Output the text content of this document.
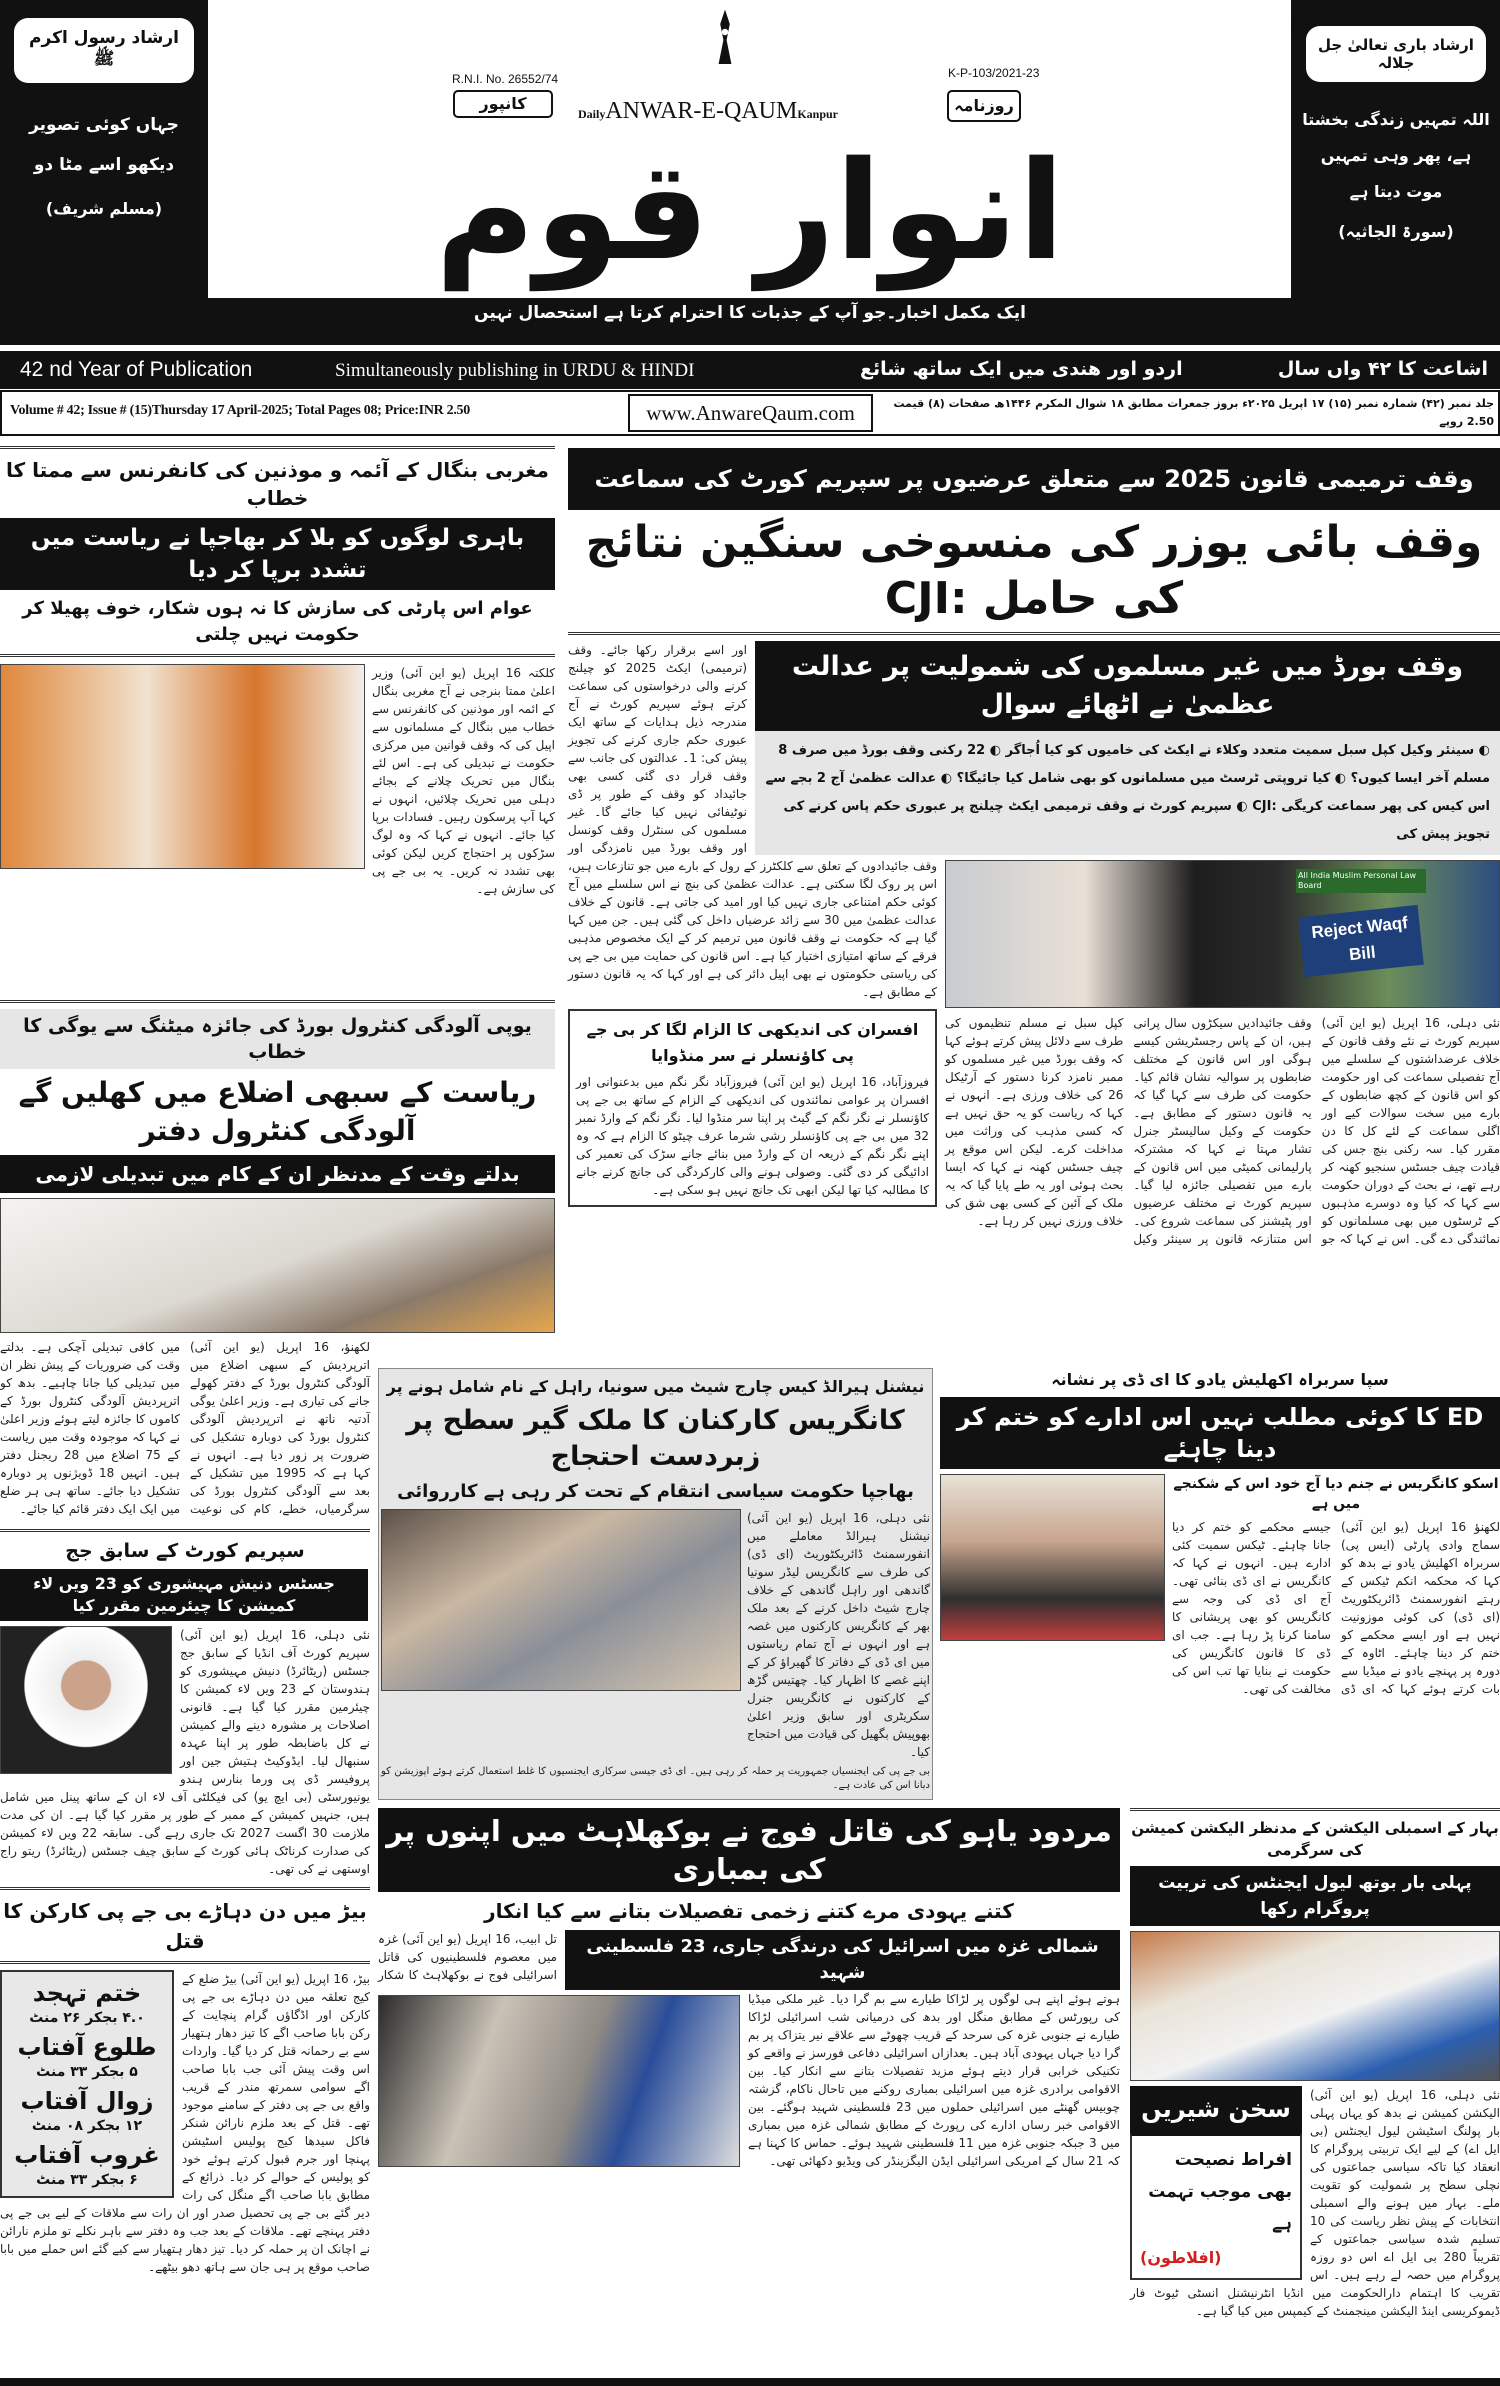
ارشاد رسول اکرم ﷺ
جہاں کوئی تصویر دیکھو اسے مٹا دو
(مسلم شریف)
ارشاد باری تعالیٰ جل جلالہ
اللہ تمہیں زندگی بخشتا ہے، پھر وہی تمہیں موت دیتا ہے
(سورۃ الجاثیہ)
R.N.I. No. 26552/74	K-P-103/2021-23
کانپور	روزنامہ
DailyANWAR-E-QAUMKanpur
انوار قوم
ایک مکمل اخبار۔جو آپ کے جذبات کا احترام کرتا ہے استحصال نہیں
42 nd Year of Publication	Simultaneously publishing in URDU & HINDI	اردو اور ھندی میں ایک ساتھ شائع	اشاعت کا ۴۲ واں سال
Volume # 42; Issue # (15)Thursday 17 April-2025; Total Pages 08; Price:INR 2.50	www.AnwareQaum.com	جلد نمبر (۴۲) شمارہ نمبر (۱۵) ۱۷ اپریل ۲۰۲۵ء بروز جمعرات مطابق ۱۸ شوال المکرم ۱۴۴۶ھ صفحات (۸) قیمت 2.50 روپے
مغربی بنگال کے آئمہ و موذنین کی کانفرنس سے ممتا کا خطاب
باہری لوگوں کو بلا کر بھاجپا نے ریاست میں تشدد برپا کر دیا
عوام اس پارٹی کی سازش کا نہ ہوں شکار، خوف پھیلا کر حکومت نہیں چلتی
کلکتہ 16 اپریل (یو این آئی) وزیر اعلیٰ ممتا بنرجی نے آج مغربی بنگال کے ائمہ اور موذنین کی کانفرنس سے خطاب میں بنگال کے مسلمانوں سے اپیل کی کہ وقف قوانین میں مرکزی حکومت نے تبدیلی کی ہے۔ اس لئے بنگال میں تحریک چلانے کے بجائے دہلی میں تحریک چلائیں، انہوں نے کہا آپ پرسکون رہیں۔ فسادات برپا کیا جائے۔ انہوں نے کہا کہ وہ لوگ سڑکوں پر احتجاج کریں لیکن کوئی بھی تشدد نہ کریں۔ یہ بی جے پی کی سازش ہے۔
یوپی آلودگی کنٹرول بورڈ کی جائزہ میٹنگ سے یوگی کا خطاب
ریاست کے سبھی اضلاع میں کھلیں گے آلودگی کنٹرول دفتر
بدلتے وقت کے مدنظر ان کے کام میں تبدیلی لازمی
لکھنؤ، 16 اپریل (یو این آئی) اترپردیش کے سبھی اضلاع میں آلودگی کنٹرول بورڈ کے دفتر کھولے جانے کی تیاری ہے۔ وزیر اعلیٰ یوگی آدتیہ ناتھ نے اترپردیش آلودگی کنٹرول بورڈ کی دوبارہ تشکیل کی ضرورت پر زور دیا ہے۔ انہوں نے کہا ہے کہ 1995 میں تشکیل کے بعد سے آلودگی کنٹرول بورڈ کی سرگرمیاں، خطے، کام کی نوعیت میں کافی تبدیلی آچکی ہے۔ بدلتے وقت کی ضروریات کے پیش نظر ان میں تبدیلی کیا جانا چاہیے۔ بدھ کو اترپردیش آلودگی کنٹرول بورڈ کے کاموں کا جائزہ لیتے ہوئے وزیر اعلیٰ نے کہا کہ موجودہ وقت میں ریاست کے 75 اضلاع میں 28 ریجنل دفتر ہیں۔ انہیں 18 ڈویژنوں پر دوبارہ تشکیل دیا جائے۔ ساتھ ہی ہر ضلع میں ایک ایک دفتر قائم کیا جائے۔
سپریم کورٹ کے سابق جج
جسٹس دنیش مہیشوری کو 23 ویں لاء کمیشن کا چیئرمین مقرر کیا
نئی دہلی، 16 اپریل (یو این آئی) سپریم کورٹ آف انڈیا کے سابق جج جسٹس (ریٹائرڈ) دنیش مہیشوری کو ہندوستان کے 23 ویں لاء کمیشن کا چیئرمین مقرر کیا گیا ہے۔ قانونی اصلاحات پر مشورہ دینے والے کمیشن نے کل باضابطہ طور پر اپنا عہدہ سنبھال لیا۔ ایڈوکیٹ ہتیش جین اور پروفیسر ڈی پی ورما بنارس ہندو یونیورسٹی (بی ایچ یو) کی فیکلٹی آف لاء ان کے ساتھ پینل میں شامل ہیں، جنہیں کمیشن کے ممبر کے طور پر مقرر کیا گیا ہے۔ ان کی مدت ملازمت 30 اگست 2027 تک جاری رہے گی۔ سابقہ 22 ویں لاء کمیشن کی صدارت کرناٹک ہائی کورٹ کے سابق چیف جسٹس (ریٹائرڈ) ریتو راج اوستھی نے کی تھی۔
بیڑ میں دن دہاڑے بی جے پی کارکن کا قتل
ختم تہجد
۴.۰ بجکر ۲۶ منٹ
طلوع آفتاب
۵ بجکر ۳۳ منٹ
زوال آفتاب
۱۲ بجکر ۰۸ منٹ
غروب آفتاب
۶ بجکر ۳۳ منٹ
بیڑ، 16 اپریل (یو این آئی) بیڑ ضلع کے کیج تعلقہ میں دن دہاڑے بی جے پی کارکن اور اڈگاؤں گرام پنچایت کے رکن بابا صاحب اگے کا تیز دھار ہتھیار سے بے رحمانہ قتل کر دیا گیا۔ واردات اس وقت پیش آئی جب بابا صاحب اگے سوامی سمرتھ مندر کے قریب واقع بی جے پی دفتر کے سامنے موجود تھے۔ قتل کے بعد ملزم نارائن شنکر فاکل سیدھا کیج پولیس اسٹیشن پہنچا اور جرم قبول کرتے ہوئے خود کو پولیس کے حوالے کر دیا۔ ذرائع کے مطابق بابا صاحب اگے منگل کی رات دیر گئے بی جے پی تحصیل صدر اور ان رات سے ملاقات کے لیے بی جے پی دفتر پہنچے تھے۔ ملاقات کے بعد جب وہ دفتر سے باہر نکلے تو ملزم نارائن نے اچانک ان پر حملہ کر دیا۔ تیز دھار ہتھیار سے کیے گئے اس حملے میں بابا صاحب موقع پر ہی جان سے ہاتھ دھو بیٹھے۔
وقف ترمیمی قانون 2025 سے متعلق عرضیوں پر سپریم کورٹ کی سماعت
وقف بائی یوزر کی منسوخی سنگین نتائج کی حامل :CJI
وقف بورڈ میں غیر مسلموں کی شمولیت پر عدالت عظمیٰ نے اٹھائے سوال
◐ سینئر وکیل کپل سبل سمیت متعدد وکلاء نے ایکٹ کی خامیوں کو کیا اُجاگر ◐ 22 رکنی وقف بورڈ میں صرف 8 مسلم آخر ایسا کیوں؟ ◐ کیا تروپتی ٹرسٹ میں مسلمانوں کو بھی شامل کیا جائیگا؟ ◐ عدالت عظمیٰ آج 2 بجے سے اس کیس کی پھر سماعت کریگی :CJI ◐ سپریم کورٹ نے وقف ترمیمی ایکٹ چیلنج پر عبوری حکم پاس کرنے کی تجویز پیش کی
All India Muslim Personal Law Board
Reject Waqf Bill
نئی دہلی، 16 اپریل (یو این آئی) سپریم کورٹ نے نئے وقف قانون کے خلاف عرضداشتوں کے سلسلے میں آج تفصیلی سماعت کی اور حکومت کو اس قانون کے کچھ ضابطوں کے بارے میں سخت سوالات کیے اور اگلی سماعت کے لئے کل کا دن مقرر کیا۔ سہ رکنی بنچ جس کی قیادت چیف جسٹس سنجیو کھنہ کر رہے تھے، نے بحث کے دوران حکومت سے کہا کہ کیا وہ دوسرے مذہبوں کے ٹرسٹوں میں بھی مسلمانوں کو نمائندگی دے گی۔ اس نے کہا کہ جو وقف جائیدادیں سیکڑوں سال پرانی ہیں، ان کے پاس رجسٹریشن کیسے ہوگی اور اس قانون کے مختلف ضابطوں پر سوالیہ نشان قائم کیا۔ حکومت کی طرف سے کہا گیا کہ یہ قانون دستور کے مطابق ہے۔ حکومت کے وکیل سالیسٹر جنرل تشار مہتا نے کہا کہ مشترکہ پارلیمانی کمیٹی میں اس قانون کے بارے میں تفصیلی جائزہ لیا گیا۔ سپریم کورٹ نے مختلف عرضیوں اور پٹیشنز کی سماعت شروع کی۔ اس متنازعہ قانون پر سینئر وکیل کپل سبل نے مسلم تنظیموں کی طرف سے دلائل پیش کرتے ہوئے کہا کہ وقف بورڈ میں غیر مسلموں کو ممبر نامزد کرنا دستور کے آرٹیکل 26 کی خلاف ورزی ہے۔ انہوں نے کہا کہ ریاست کو یہ حق نہیں ہے کہ کسی مذہب کی وراثت میں مداخلت کرے۔ لیکن اس موقع پر چیف جسٹس کھنہ نے کہا کہ ایسا بحث ہوئی اور یہ طے پایا گیا کہ یہ ملک کے آئین کے کسی بھی شق کی خلاف ورزی نہیں کر رہا ہے۔
اور اسے برقرار رکھا جائے۔ وقف (ترمیمی) ایکٹ 2025 کو چیلنج کرنے والی درخواستوں کی سماعت کرتے ہوئے سپریم کورٹ نے آج مندرجہ ذیل ہدایات کے ساتھ ایک عبوری حکم جاری کرنے کی تجویز پیش کی: 1۔ عدالتوں کی جانب سے وقف قرار دی گئی کسی بھی جائیداد کو وقف کے طور پر ڈی نوٹیفائی نہیں کیا جائے گا۔ غیر مسلموں کی سنٹرل وقف کونسل اور وقف بورڈ میں نامزدگی اور وقف جائیدادوں کے تعلق سے کلکٹرز کے رول کے بارے میں جو تنازعات ہیں، اس پر روک لگا سکتی ہے۔ عدالت عظمیٰ کی بنچ نے اس سلسلے میں آج کوئی حکم امتناعی جاری نہیں کیا اور امید کی جاتی ہے۔ قانون کے خلاف عدالت عظمیٰ میں 30 سے زائد عرضیاں داخل کی گئی ہیں۔ جن میں کہا گیا ہے کہ حکومت نے وقف قانون میں ترمیم کر کے ایک مخصوص مذہبی فرقے کے ساتھ امتیازی اختیار کیا ہے۔ اس قانون کی حمایت میں بی جے پی کی ریاستی حکومتوں نے بھی اپیل دائر کی ہے اور کہا کہ یہ قانون دستور کے مطابق ہے۔
افسران کی اندیکھی کا الزام لگا کر بی جے پی کاؤنسلر نے سر منڈوایا
فیروزآباد، 16 اپریل (یو این آئی) فیروزآباد نگر نگم میں بدعنوانی اور افسران پر عوامی نمائندوں کی اندیکھی کے الزام کے ساتھ بی جے پی کاؤنسلر نے نگر نگم کے گیٹ پر اپنا سر منڈوا لیا۔ نگر نگم کے وارڈ نمبر 32 میں بی جے پی کاؤنسلر رشی شرما عرف چیٹو کا الزام ہے کہ وہ اپنے نگر نگم کے ذریعہ ان کے وارڈ میں بنائے جانے سڑک کی تعمیر کی ادائیگی کر دی گئی۔ وصولی ہونے والی کارکردگی کی جانچ کرنے جانے کا مطالبہ کیا تھا لیکن ابھی تک جانچ نہیں ہو سکی ہے۔
نیشنل ہیرالڈ کیس چارج شیٹ میں سونیا، راہل کے نام شامل ہونے پر
کانگریس کارکنان کا ملک گیر سطح پر زبردست احتجاج
بھاجپا حکومت سیاسی انتقام کے تحت کر رہی ہے کارروائی
نئی دہلی، 16 اپریل (یو این آئی) نیشنل ہیرالڈ معاملے میں انفورسمنٹ ڈائریکٹوریٹ (ای ڈی) کی طرف سے کانگریس لیڈر سونیا گاندھی اور راہل گاندھی کے خلاف چارج شیٹ داخل کرنے کے بعد ملک بھر کے کانگریس کارکنوں میں غصہ ہے اور انہوں نے آج تمام ریاستوں میں ای ڈی کے دفاتر کا گھیراؤ کر کے اپنے غصے کا اظہار کیا۔ چھتیس گڑھ کے کارکنوں نے کانگریس جنرل سکریٹری اور سابق وزیر اعلیٰ بھوپیش بگھیل کی قیادت میں احتجاج کیا۔
بی جے پی کی ایجنسیاں جمہوریت پر حملہ کر رہی ہیں۔ ای ڈی جیسی سرکاری ایجنسیوں کا غلط استعمال کرتے ہوئے اپوزیشن کو دبانا اس کی عادت ہے۔
سپا سربراہ اکھلیش یادو کا ای ڈی پر نشانہ
ED کا کوئی مطلب نہیں اس ادارے کو ختم کر دینا چاہئے
اسکو کانگریس نے جنم دیا آج خود اس کے شکنجے میں ہے
لکھنؤ 16 اپریل (یو این آئی) سماج وادی پارٹی (ایس پی) سربراہ اکھلیش یادو نے بدھ کو کہا کہ محکمہ انکم ٹیکس کے رہتے انفورسمنٹ ڈائریکٹوریٹ (ای ڈی) کی کوئی موزونیت نہیں ہے اور ایسے محکمے کو ختم کر دینا چاہئے۔ اٹاوہ کے دورہ پر پہنچے یادو نے میڈیا سے بات کرتے ہوئے کہا کہ ای ڈی جیسے محکمے کو ختم کر دیا جانا چاہئے۔ ٹیکس سمیت کئی ادارے ہیں۔ انہوں نے کہا کہ کانگریس نے ای ڈی بنائی تھی۔ آج ای ڈی کی وجہ سے کانگریس کو بھی پریشانی کا سامنا کرنا پڑ رہا ہے۔ جب ای ڈی کا قانون کانگریس کی حکومت نے بنایا تھا تب اس کی مخالفت کی تھی۔
مردود یاہو کی قاتل فوج نے بوکھلاہٹ میں اپنوں پر کی بمباری
کتنے یہودی مرے کتنے زخمی تفصیلات بتانے سے کیا انکار
شمالی غزہ میں اسرائیل کی درندگی جاری، 23 فلسطینی شہید
تل ابیب، 16 اپریل (یو این آئی) غزہ میں معصوم فلسطینیوں کی قاتل اسرائیلی فوج نے بوکھلاہٹ کا شکار ہوتے ہوئے اپنے ہی لوگوں پر لڑاکا طیارے سے بم گرا دیا۔ غیر ملکی میڈیا کی رپورٹس کے مطابق منگل اور بدھ کی درمیانی شب اسرائیلی لڑاکا طیارے نے جنوبی غزہ کی سرحد کے قریب چھوٹے سے علاقے نیر یتزاک پر بم گرا دیا جہاں یہودی آباد ہیں۔ بعدازاں اسرائیلی دفاعی فورسز نے واقعے کو تکنیکی خرابی قرار دیتے ہوئے مزید تفصیلات بتانے سے انکار کیا۔ بین الاقوامی برادری غزہ میں اسرائیلی بمباری روکنے میں تاحال ناکام، گزشتہ چوبیس گھنٹے میں اسرائیلی حملوں میں 23 فلسطینی شہید ہوگئے۔ بین الاقوامی خبر رساں ادارے کی رپورٹ کے مطابق شمالی غزہ میں بمباری میں 3 جبکہ جنوبی غزہ میں 11 فلسطینی شہید ہوئے۔ حماس کا کہنا ہے کہ 21 سال کے امریکی اسرائیلی ایڈن الیگزینڈر کی ویڈیو دکھائی تھی۔
بہار کے اسمبلی الیکشن کے مدنظر الیکشن کمیشن کی سرگرمی
پہلی بار بوتھ لیول ایجنٹس کی تربیت پروگرام رکھا
سخن شیریں
افراط نصیحت بھی موجب تہمت ہے
(افلاطون)
نئی دہلی، 16 اپریل (یو این آئی) الیکشن کمیشن نے بدھ کو یہاں پہلی بار پولنگ اسٹیشن لیول ایجنٹس (بی ایل اے) کے لیے ایک تربیتی پروگرام کا انعقاد کیا تاکہ سیاسی جماعتوں کی نچلی سطح پر شمولیت کو تقویت ملے۔ بہار میں ہونے والے اسمبلی انتخابات کے پیش نظر ریاست کی 10 تسلیم شدہ سیاسی جماعتوں کے تقریباً 280 بی ایل اے اس دو روزہ پروگرام میں حصہ لے رہے ہیں۔ اس تقریب کا اہتمام دارالحکومت میں انڈیا انٹرنیشنل انسٹی ٹیوٹ فار ڈیموکریسی اینڈ الیکشن مینجمنٹ کے کیمپس میں کیا گیا ہے۔
